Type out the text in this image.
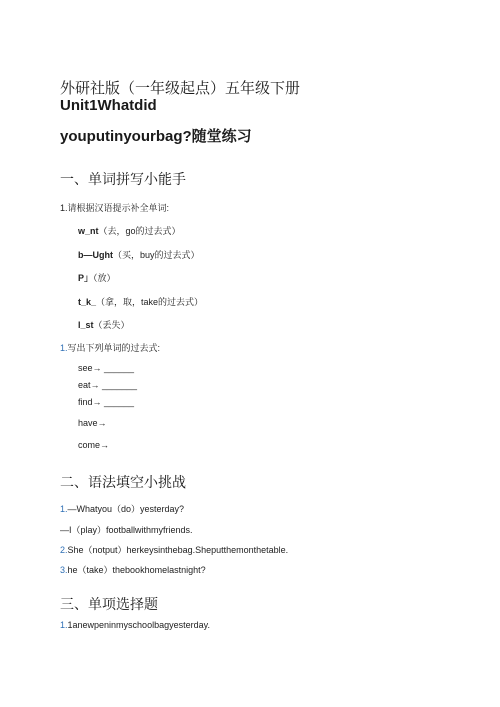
外研社版（一年级起点）五年级下册
Unit1Whatdid
youputinyourbag?随堂练习
一、单词拼写小能手
1.请根据汉语提示补全单词:
w_nt（去，go的过去式）
b—Ught（买，buy的过去式）
P」（放）
t_k_（拿，取，take的过去式）
l_st（丢失）
1.写出下列单词的过去式:
see→ ______
eat→ _______
find→ ______
have→
come→
二、语法填空小挑战
1.—Whatyou（do）yesterday?
—I（play）footballwithmyfriends.
2.She（notput）herkeysinthebag.Sheputthemonthetable.
3.he（take）thebookhomelastnight?
三、单项选择题
1.1anewpeninmyschoolbagyesterday.
